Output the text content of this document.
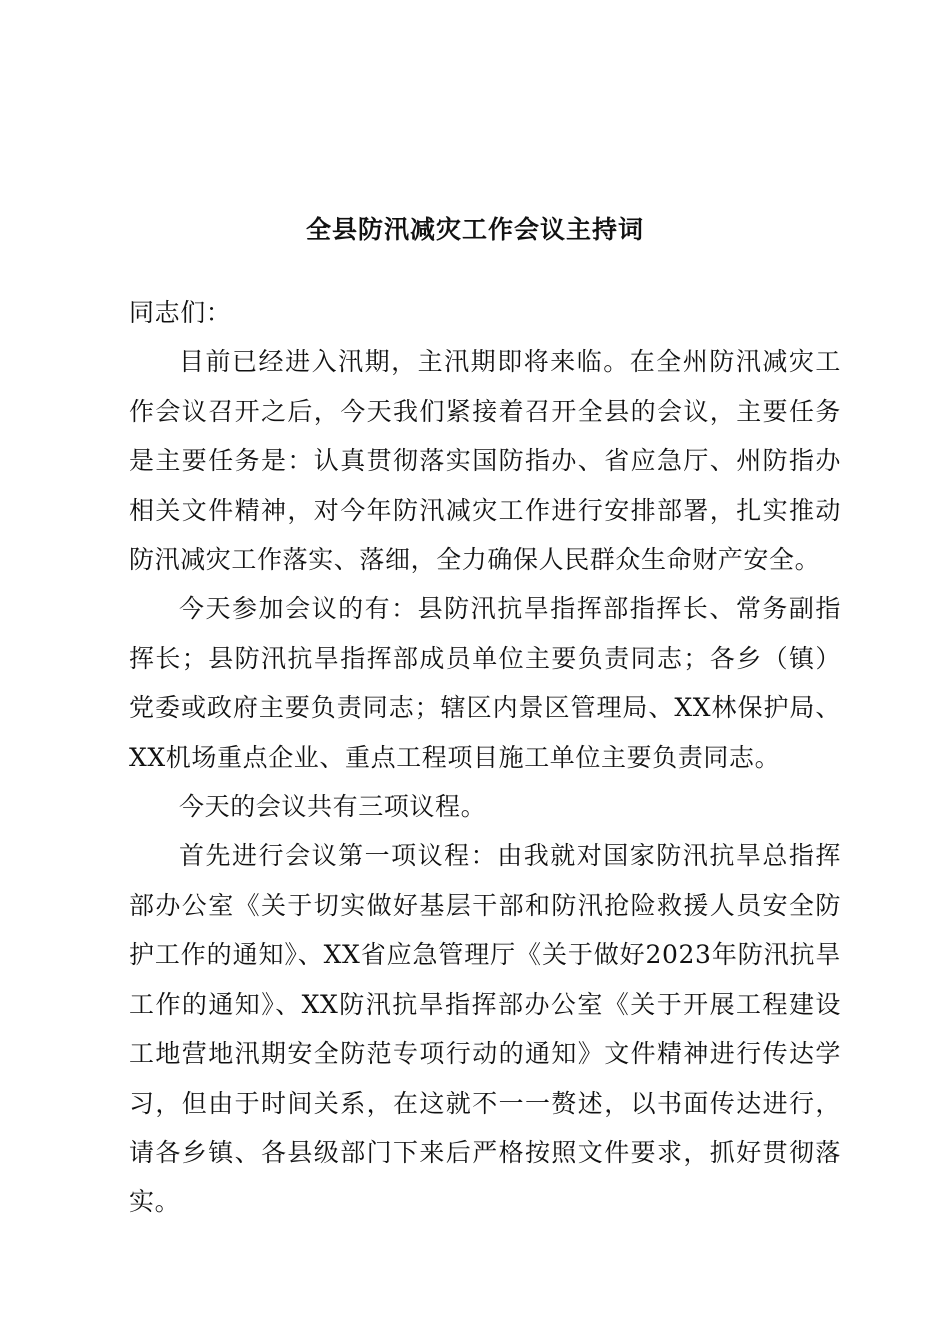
全县防汛减灾工作会议主持词

同志们：

目前已经进入汛期，主汛期即将来临。在全州防汛减灾工作会议召开之后，今天我们紧接着召开全县的会议，主要任务是主要任务是：认真贯彻落实国防指办、省应急厅、州防指办相关文件精神，对今年防汛减灾工作进行安排部署，扎实推动防汛减灾工作落实、落细，全力确保人民群众生命财产安全。

今天参加会议的有：县防汛抗旱指挥部指挥长、常务副指挥长；县防汛抗旱指挥部成员单位主要负责同志；各乡（镇）党委或政府主要负责同志；辖区内景区管理局、XX林保护局、XX机场重点企业、重点工程项目施工单位主要负责同志。

今天的会议共有三项议程。

首先进行会议第一项议程：由我就对国家防汛抗旱总指挥部办公室《关于切实做好基层干部和防汛抢险救援人员安全防护工作的通知》、XX省应急管理厅《关于做好2023年防汛抗旱工作的通知》、XX防汛抗旱指挥部办公室《关于开展工程建设工地营地汛期安全防范专项行动的通知》文件精神进行传达学习，但由于时间关系，在这就不一一赘述，以书面传达进行，请各乡镇、各县级部门下来后严格按照文件要求，抓好贯彻落实。
